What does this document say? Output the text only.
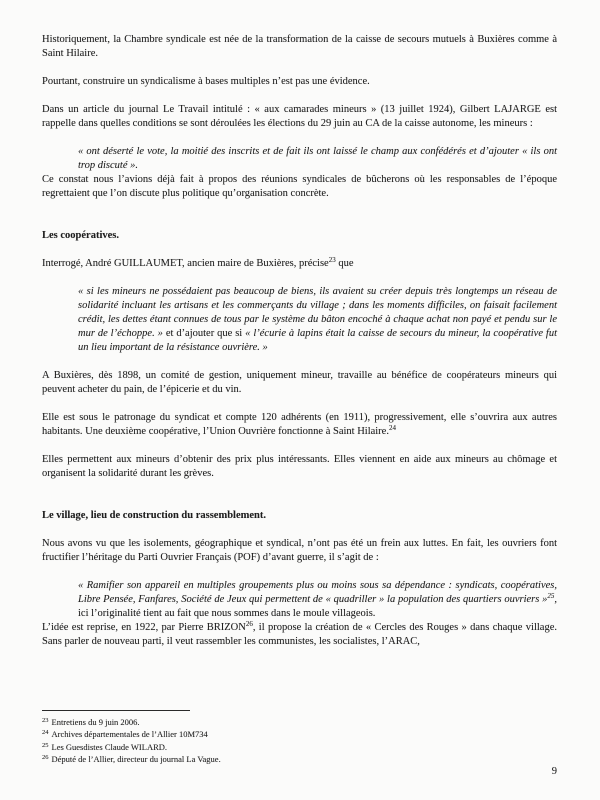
Historiquement, la Chambre syndicale est née de la transformation de la caisse de secours mutuels à Buxières comme à Saint Hilaire.

Pourtant, construire un syndicalisme à bases multiples n’est pas une évidence.

Dans un article du journal Le Travail intitulé : « aux camarades mineurs » (13 juillet 1924), Gilbert LAJARGE est rappelle dans quelles conditions se sont déroulées les élections du 29 juin au CA de la caisse autonome, les mineurs :

« ont déserté le vote, la moitié des inscrits et de fait ils ont laissé le champ aux confédérés et d’ajouter « ils ont trop discuté ».

Ce constat nous l’avions déjà fait à propos des réunions syndicales de bûcherons où les responsables de l’époque regrettaient que l’on discute plus politique qu’organisation concrète.

Les coopératives.

Interrogé, André GUILLAUMET, ancien maire de Buxières, précise$^{23}$ que

« si les mineurs ne possédaient pas beaucoup de biens, ils avaient su créer depuis très longtemps un réseau de solidarité incluant les artisans et les commerçants du village ; dans les moments difficiles, on faisait facilement crédit, les dettes étant connues de tous par le système du bâton encoché à chaque achat non payé et pendu sur le mur de l’échoppe. » et d’ajouter que si « l’écurie à lapins était la caisse de secours du mineur, la coopérative fut un lieu important de la résistance ouvrière. »

A Buxières, dès 1898, un comité de gestion, uniquement mineur, travaille au bénéfice de coopérateurs mineurs qui peuvent acheter du pain, de l’épicerie et du vin.

Elle est sous le patronage du syndicat et compte 120 adhérents (en 1911), progressivement, elle s’ouvrira aux autres habitants. Une deuxième coopérative, l’Union Ouvrière fonctionne à Saint Hilaire.$^{24}$

Elles permettent aux mineurs d’obtenir des prix plus intéressants. Elles viennent en aide aux mineurs au chômage et organisent la solidarité durant les grèves.

Le village, lieu de construction du rassemblement.

Nous avons vu que les isolements, géographique et syndical, n’ont pas été un frein aux luttes. En fait, les ouvriers font fructifier l’héritage du Parti Ouvrier Français (POF) d’avant guerre, il s’agit de :

« Ramifier son appareil en multiples groupements plus ou moins sous sa dépendance : syndicats, coopératives, Libre Pensée, Fanfares, Société de Jeux qui permettent de « quadriller » la population des quartiers ouvriers »$^{25}$, ici l’originalité tient au fait que nous sommes dans le moule villageois.

L’idée est reprise, en 1922, par Pierre BRIZON$^{26}$, il propose la création de « Cercles des Rouges » dans chaque village. Sans parler de nouveau parti, il veut rassembler les communistes, les socialistes, l’ARAC,

$^{23}$ Entretiens du 9 juin 2006.

$^{24}$ Archives départementales de l’Allier 10M734

$^{25}$ Les Guesdistes Claude WILARD.

$^{26}$ Député de l’Allier, directeur du journal La Vague.

9
